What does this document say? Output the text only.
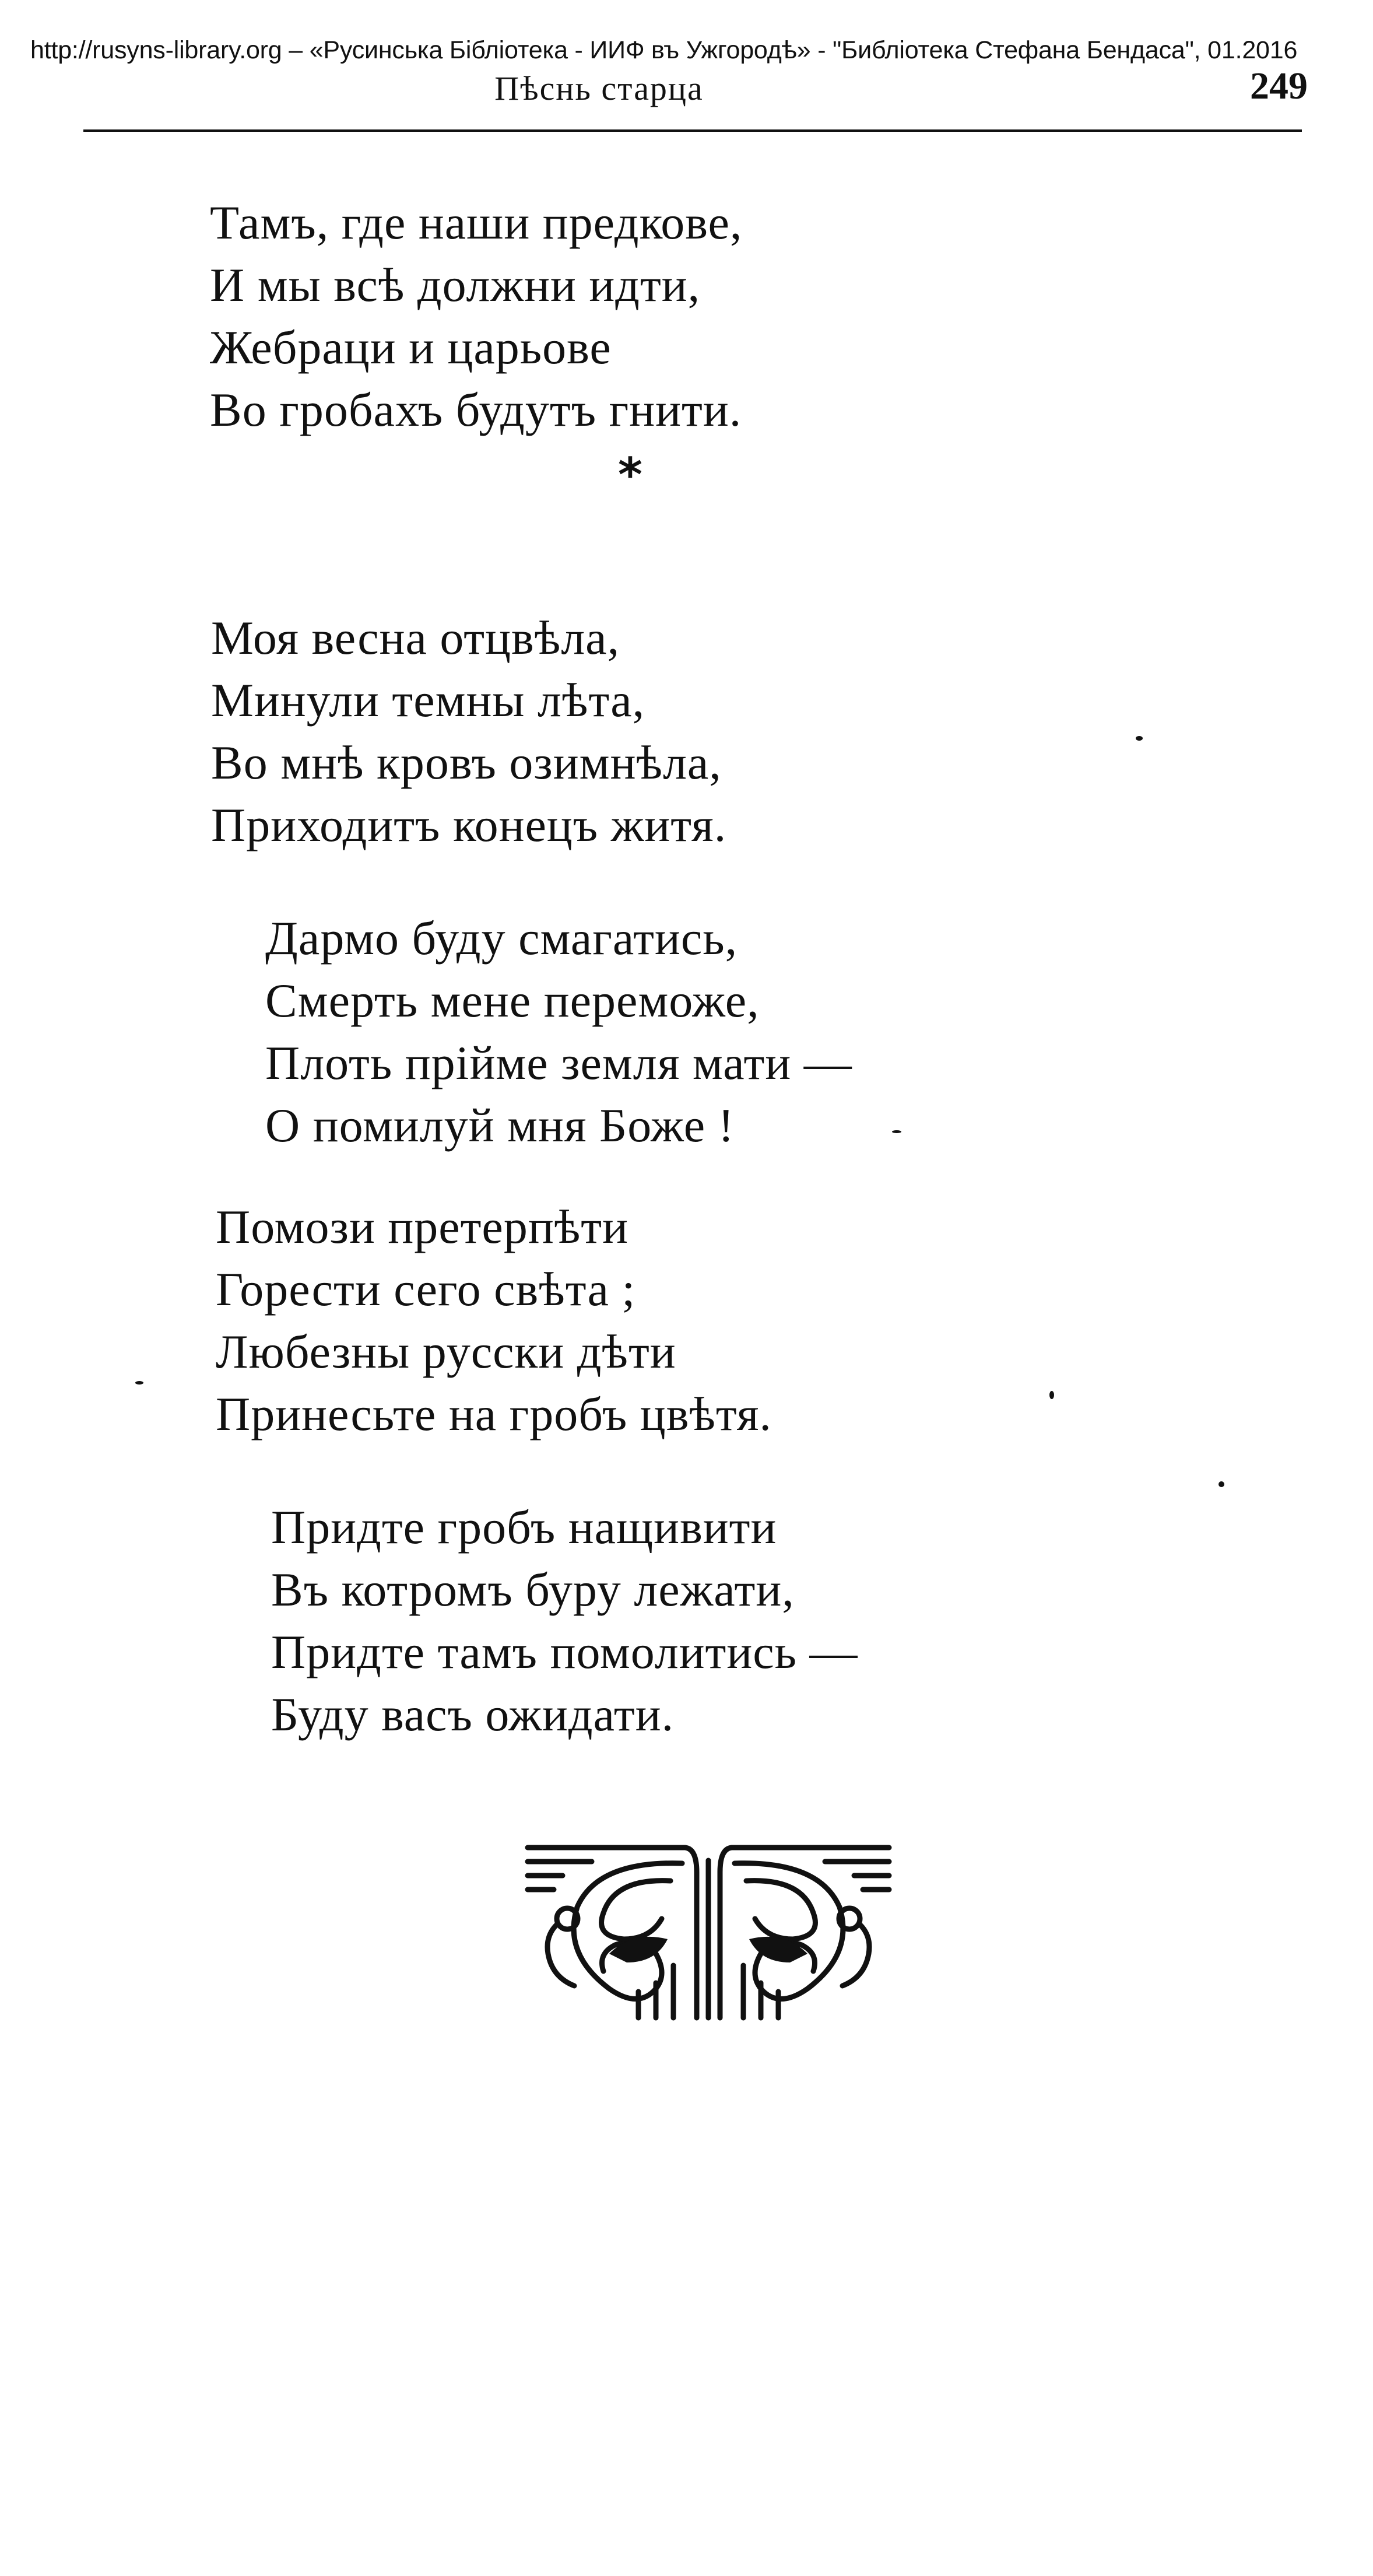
http://rusyns-library.org – «Русинська Бібліотека - ИИФ въ Ужгородѣ» - "Библіотека Стефана Бендаса", 01.2016
Пѣснь старца	249
Тамъ, где наши предкове,
И мы всѣ должни идти,
Жебраци и царьове
Во гробахъ будутъ гнити.
*
Моя весна отцвѣла,
Минули темны лѣта,
Во мнѣ кровъ озимнѣла,
Приходитъ конецъ житя.
Дармо буду смагатись,
Смерть мене переможе,
Плоть прійме земля мати —
О помилуй мня Боже !
Помози претерпѣти
Горести сего свѣта ;
Любезны русски дѣти
Принесьте на гробъ цвѣтя.
Придте гробъ нащивити
Въ котромъ буру лежати,
Придте тамъ помолитись —
Буду васъ ожидати.
